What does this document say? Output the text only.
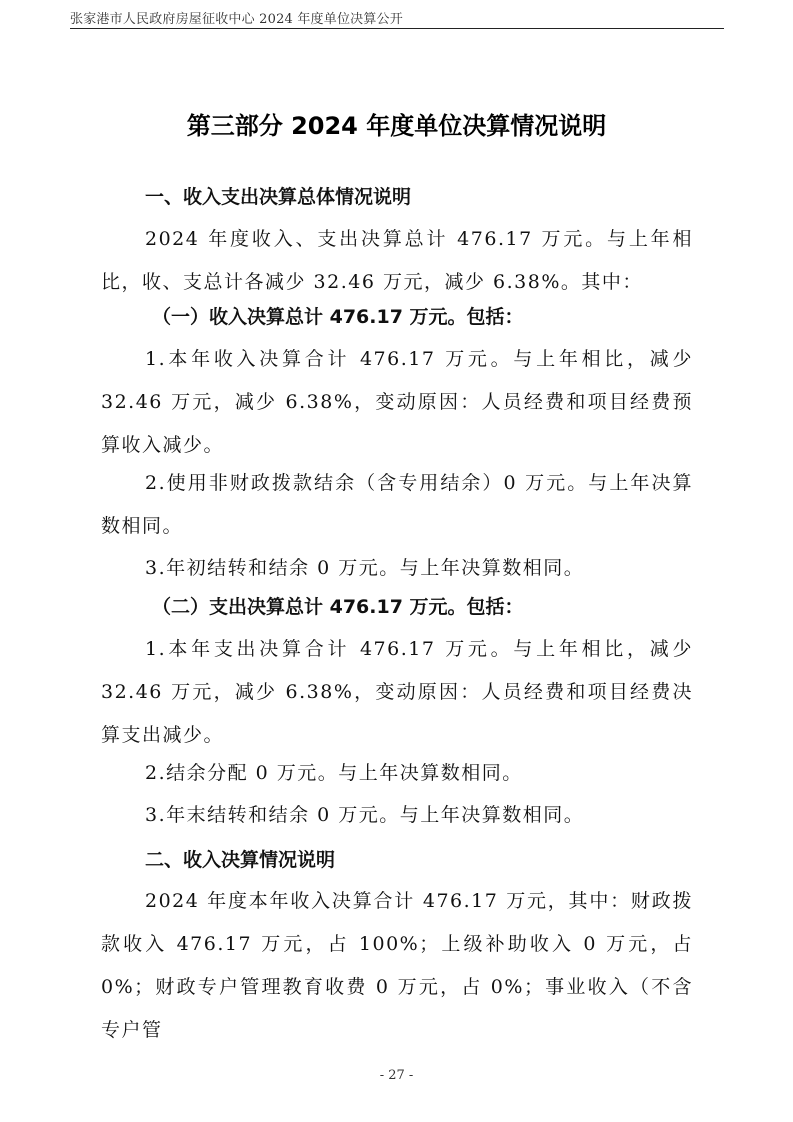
张家港市人民政府房屋征收中心 2024 年度单位决算公开
第三部分 2024 年度单位决算情况说明
一、收入支出决算总体情况说明
2024 年度收入、支出决算总计 476.17 万元。与上年相比，收、支总计各减少 32.46 万元，减少 6.38%。其中：
（一）收入决算总计 476.17 万元。包括：
1.本年收入决算合计 476.17 万元。与上年相比，减少 32.46 万元，减少 6.38%，变动原因：人员经费和项目经费预算收入减少。
2.使用非财政拨款结余（含专用结余）0 万元。与上年决算数相同。
3.年初结转和结余 0 万元。与上年决算数相同。
（二）支出决算总计 476.17 万元。包括：
1.本年支出决算合计 476.17 万元。与上年相比，减少 32.46 万元，减少 6.38%，变动原因：人员经费和项目经费决算支出减少。
2.结余分配 0 万元。与上年决算数相同。
3.年末结转和结余 0 万元。与上年决算数相同。
二、收入决算情况说明
2024 年度本年收入决算合计 476.17 万元，其中：财政拨款收入 476.17 万元，占 100%；上级补助收入 0 万元，占 0%；财政专户管理教育收费 0 万元，占 0%；事业收入（不含专户管
- 27 -
